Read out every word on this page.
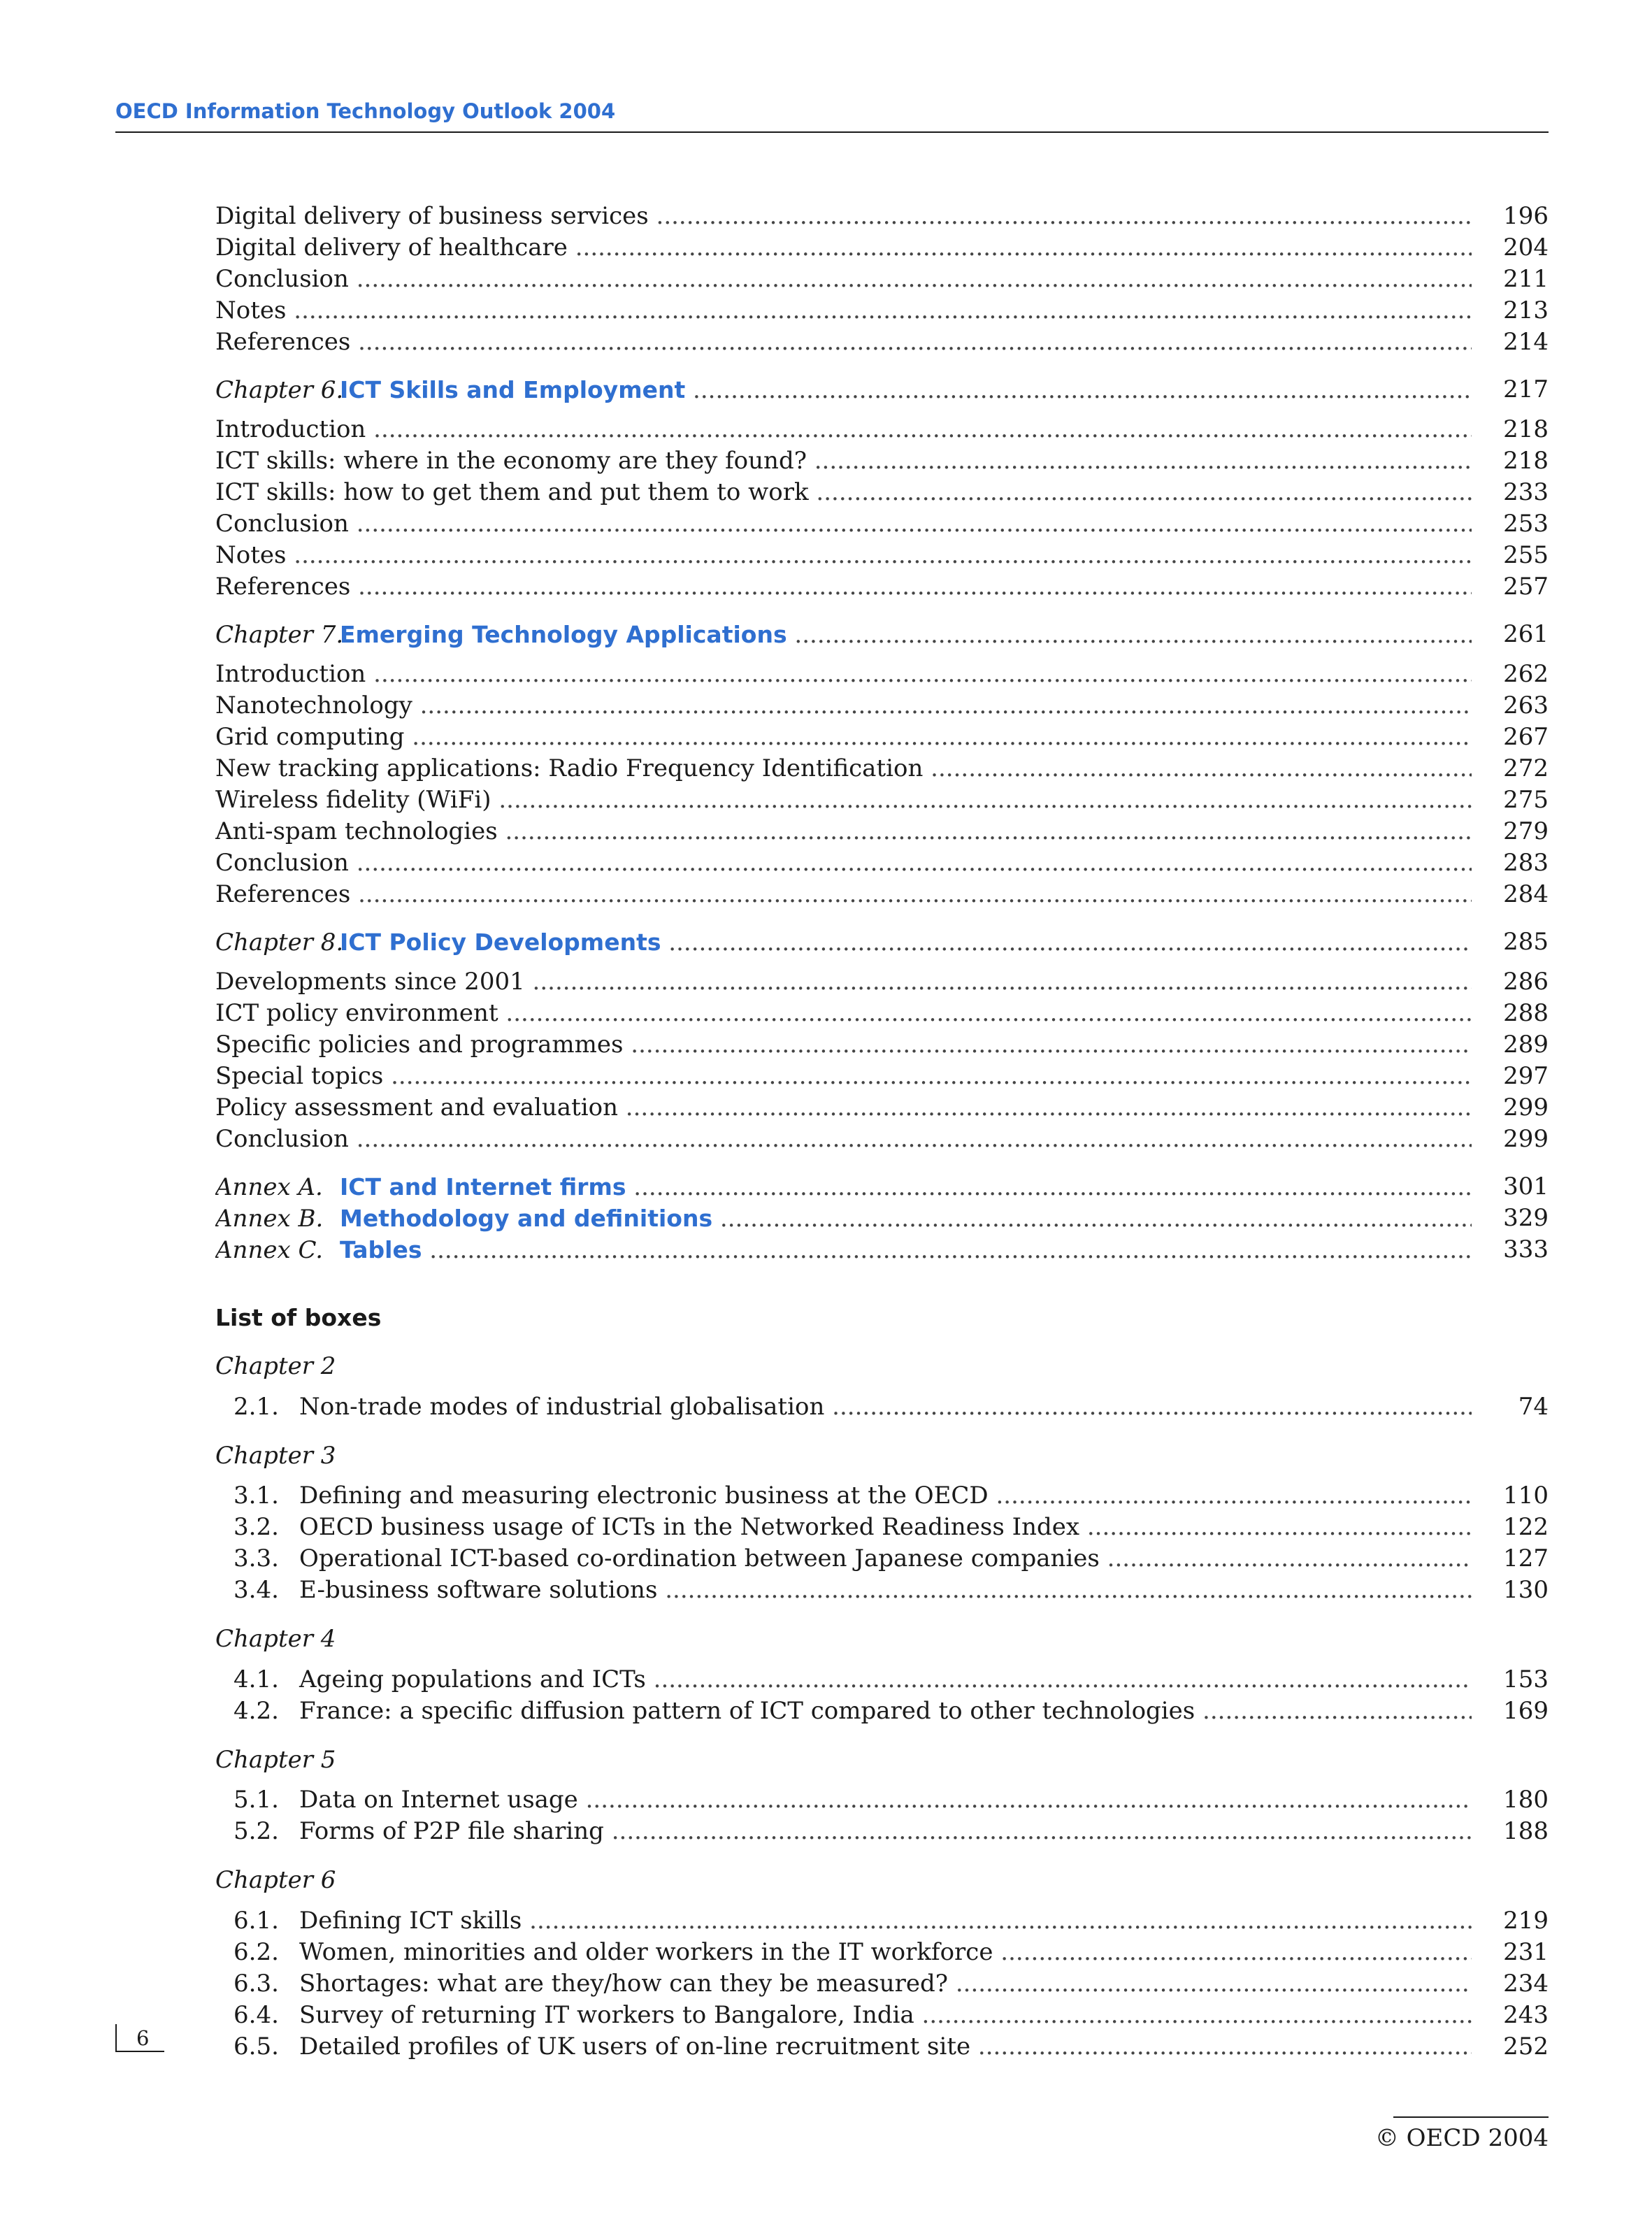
OECD Information Technology Outlook 2004
Digital delivery of business services .....	196
Digital delivery of healthcare .....	204
Conclusion .....	211
Notes .....	213
References .....	214
Chapter 6.ICT Skills and Employment .....	217
Introduction .....	218
ICT skills: where in the economy are they found? .....	218
ICT skills: how to get them and put them to work .....	233
Conclusion .....	253
Notes .....	255
References .....	257
Chapter 7.Emerging Technology Applications .....	261
Introduction .....	262
Nanotechnology .....	263
Grid computing .....	267
New tracking applications: Radio Frequency Identification .....	272
Wireless fidelity (WiFi) .....	275
Anti-spam technologies .....	279
Conclusion .....	283
References .....	284
Chapter 8.ICT Policy Developments .....	285
Developments since 2001 .....	286
ICT policy environment .....	288
Specific policies and programmes .....	289
Special topics .....	297
Policy assessment and evaluation .....	299
Conclusion .....	299
Annex A. ICT and Internet firms .....	301
Annex B. Methodology and definitions .....	329
Annex C. Tables .....	333
List of boxes
Chapter 2
2.1. Non-trade modes of industrial globalisation .....	74
Chapter 3
3.1. Defining and measuring electronic business at the OECD .....	110
3.2. OECD business usage of ICTs in the Networked Readiness Index .....	122
3.3. Operational ICT-based co-ordination between Japanese companies .....	127
3.4. E-business software solutions .....	130
Chapter 4
4.1. Ageing populations and ICTs .....	153
4.2. France: a specific diffusion pattern of ICT compared to other technologies .....	169
Chapter 5
5.1. Data on Internet usage .....	180
5.2. Forms of P2P file sharing .....	188
Chapter 6
6.1. Defining ICT skills .....	219
6.2. Women, minorities and older workers in the IT workforce .....	231
6.3. Shortages: what are they/how can they be measured? .....	234
6.4. Survey of returning IT workers to Bangalore, India .....	243
6.5. Detailed profiles of UK users of on-line recruitment site .....	252
6
© OECD 2004
